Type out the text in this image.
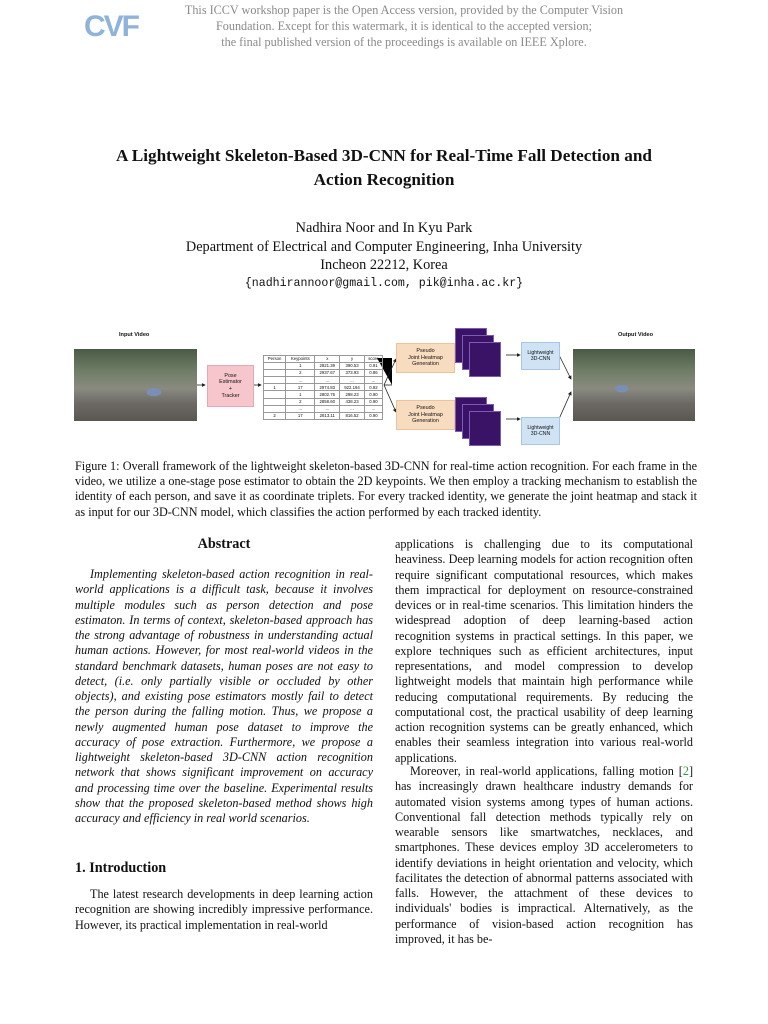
CVF	This ICCV workshop paper is the Open Access version, provided by the Computer Vision
Foundation. Except for this watermark, it is identical to the accepted version;
the final published version of the proceedings is available on IEEE Xplore.
A Lightweight Skeleton-Based 3D-CNN for Real-Time Fall Detection and
Action Recognition
Nadhira Noor and In Kyu Park
Department of Electrical and Computer Engineering, Inha University
Incheon 22212, Korea
{nadhirannoor@gmail.com, pik@inha.ac.kr}
Input Video	Output Video
Pose
Estimator
+
Tracker
Person	Keypoints	x	y	score
	1	2821.39	390.53	0.91
	2	2937.67	373.93	0.86
	...	...	...	...
1	17	2974.83	922.194	0.92
	1	2802.76	298.23	0.90
	2	2858.60	438.23	0.90
	...	...	...	...
2	17	2813.11	816.52	0.90
Pseudo
Joint Heatmap
Generation
Pseudo
Joint Heatmap
Generation
Lightweight
3D-CNN
Lightweight
3D-CNN
Figure 1: Overall framework of the lightweight skeleton-based 3D-CNN for real-time action recognition. For each frame in the video, we utilize a one-stage pose estimator to obtain the 2D keypoints. We then employ a tracking mechanism to establish the identity of each person, and save it as coordinate triplets. For every tracked identity, we generate the joint heatmap and stack it as input for our 3D-CNN model, which classifies the action performed by each tracked identity.
Abstract
Implementing skeleton-based action recognition in real-world applications is a difficult task, because it involves multiple modules such as person detection and pose estimaton. In terms of context, skeleton-based approach has the strong advantage of robustness in understanding actual human actions. However, for most real-world videos in the standard benchmark datasets, human poses are not easy to detect, (i.e. only partially visible or occluded by other objects), and existing pose estimators mostly fail to detect the person during the falling motion. Thus, we propose a newly augmented human pose dataset to improve the accuracy of pose extraction. Furthermore, we propose a lightweight skeleton-based 3D-CNN action recognition network that shows significant improvement on accuracy and processing time over the baseline. Experimental results show that the proposed skeleton-based method shows high accuracy and efficiency in real world scenarios.
1. Introduction
The latest research developments in deep learning action recognition are showing incredibly impressive performance. However, its practical implementation in real-world
applications is challenging due to its computational heaviness. Deep learning models for action recognition often require significant computational resources, which makes them impractical for deployment on resource-constrained devices or in real-time scenarios. This limitation hinders the widespread adoption of deep learning-based action recognition systems in practical settings. In this paper, we explore techniques such as efficient architectures, input representations, and model compression to develop lightweight models that maintain high performance while reducing computational requirements. By reducing the computational cost, the practical usability of deep learning action recognition systems can be greatly enhanced, which enables their seamless integration into various real-world applications.
Moreover, in real-world applications, falling motion [2] has increasingly drawn healthcare industry demands for automated vision systems among types of human actions. Conventional fall detection methods typically rely on wearable sensors like smartwatches, necklaces, and smartphones. These devices employ 3D accelerometers to identify deviations in height orientation and velocity, which facilitates the detection of abnormal patterns associated with falls. However, the attachment of these devices to individuals' bodies is impractical. Alternatively, as the performance of vision-based action recognition has improved, it has be-
